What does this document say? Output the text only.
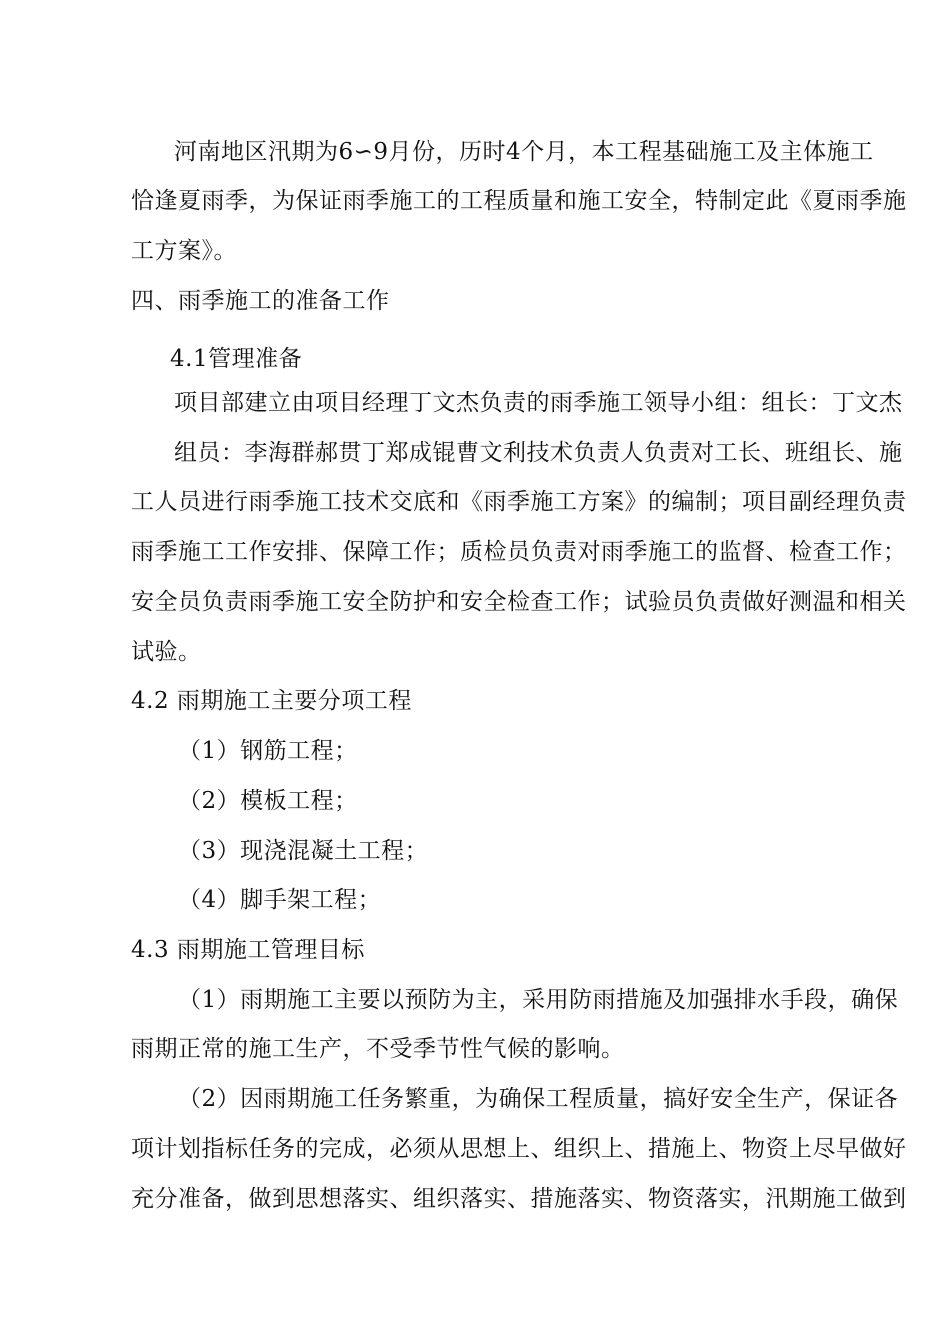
河南地区汛期为6∽9月份，历时4个月，本工程基础施工及主体施工
恰逢夏雨季，为保证雨季施工的工程质量和施工安全，特制定此《夏雨季施
工方案》。
四、雨季施工的准备工作
4.1管理准备
项目部建立由项目经理丁文杰负责的雨季施工领导小组：组长：丁文杰
组员：李海群郝贯丁郑成锟曹文利技术负责人负责对工长、班组长、施
工人员进行雨季施工技术交底和《雨季施工方案》的编制；项目副经理负责
雨季施工工作安排、保障工作；质检员负责对雨季施工的监督、检查工作；
安全员负责雨季施工安全防护和安全检查工作；试验员负责做好测温和相关
试验。
4.2 雨期施工主要分项工程
（1）钢筋工程；
（2）模板工程；
（3）现浇混凝土工程；
（4）脚手架工程；
4.3 雨期施工管理目标
（1）雨期施工主要以预防为主，采用防雨措施及加强排水手段，确保
雨期正常的施工生产，不受季节性气候的影响。
（2）因雨期施工任务繁重，为确保工程质量，搞好安全生产，保证各
项计划指标任务的完成，必须从思想上、组织上、措施上、物资上尽早做好
充分准备，做到思想落实、组织落实、措施落实、物资落实，汛期施工做到
